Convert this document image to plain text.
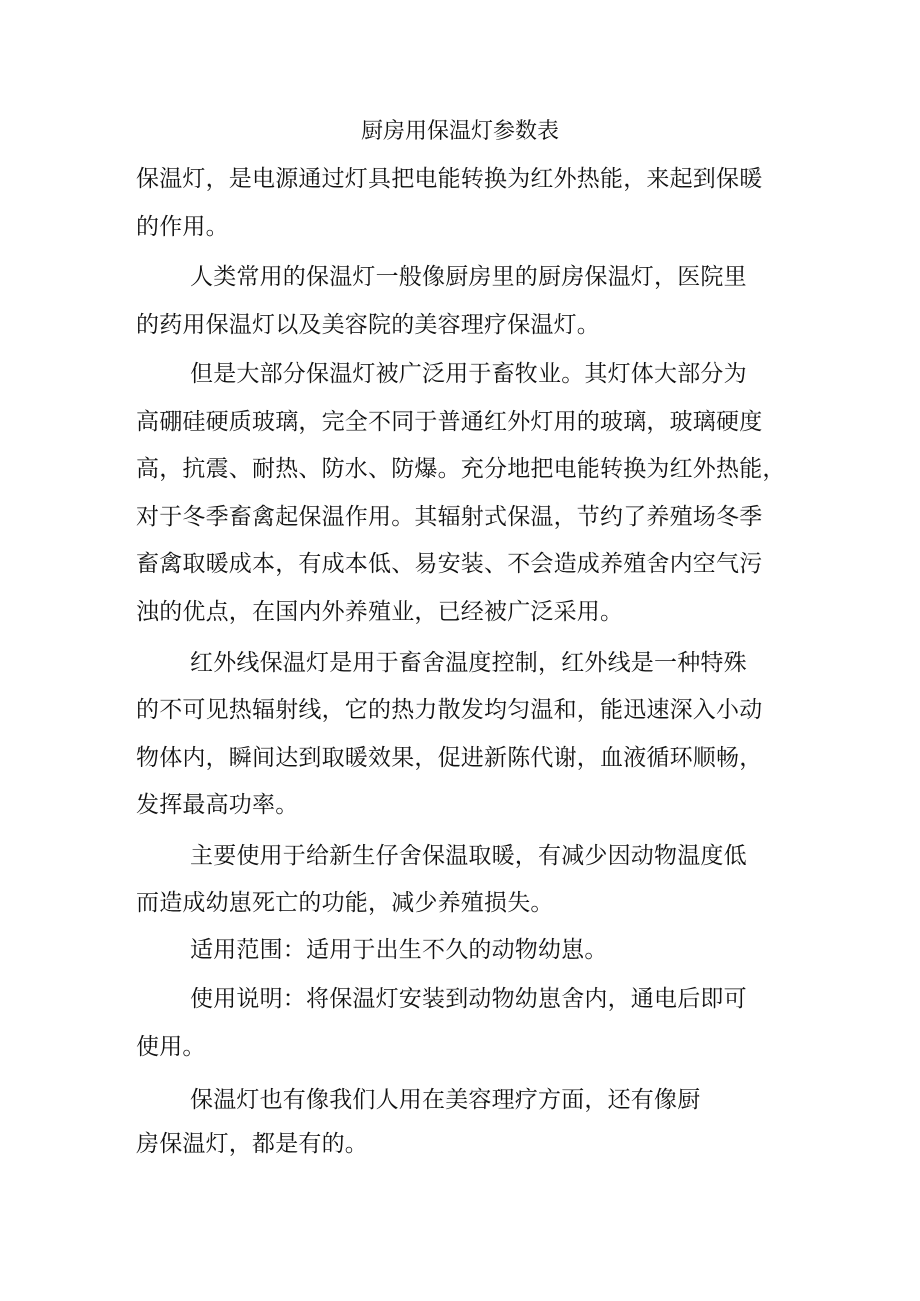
厨房用保温灯参数表
保温灯，是电源通过灯具把电能转换为红外热能，来起到保暖
的作用。
人类常用的保温灯一般像厨房里的厨房保温灯，医院里
的药用保温灯以及美容院的美容理疗保温灯。
但是大部分保温灯被广泛用于畜牧业。其灯体大部分为
高硼硅硬质玻璃，完全不同于普通红外灯用的玻璃，玻璃硬度
高，抗震、耐热、防水、防爆。充分地把电能转换为红外热能，
对于冬季畜禽起保温作用。其辐射式保温，节约了养殖场冬季
畜禽取暖成本，有成本低、易安装、不会造成养殖舍内空气污
浊的优点，在国内外养殖业，已经被广泛采用。
红外线保温灯是用于畜舍温度控制，红外线是一种特殊
的不可见热辐射线，它的热力散发均匀温和，能迅速深入小动
物体内，瞬间达到取暖效果，促进新陈代谢，血液循环顺畅，
发挥最高功率。
主要使用于给新生仔舍保温取暖，有减少因动物温度低
而造成幼崽死亡的功能，减少养殖损失。
适用范围：适用于出生不久的动物幼崽。
使用说明：将保温灯安装到动物幼崽舍内，通电后即可
使用。
保温灯也有像我们人用在美容理疗方面，还有像厨
房保温灯，都是有的。
